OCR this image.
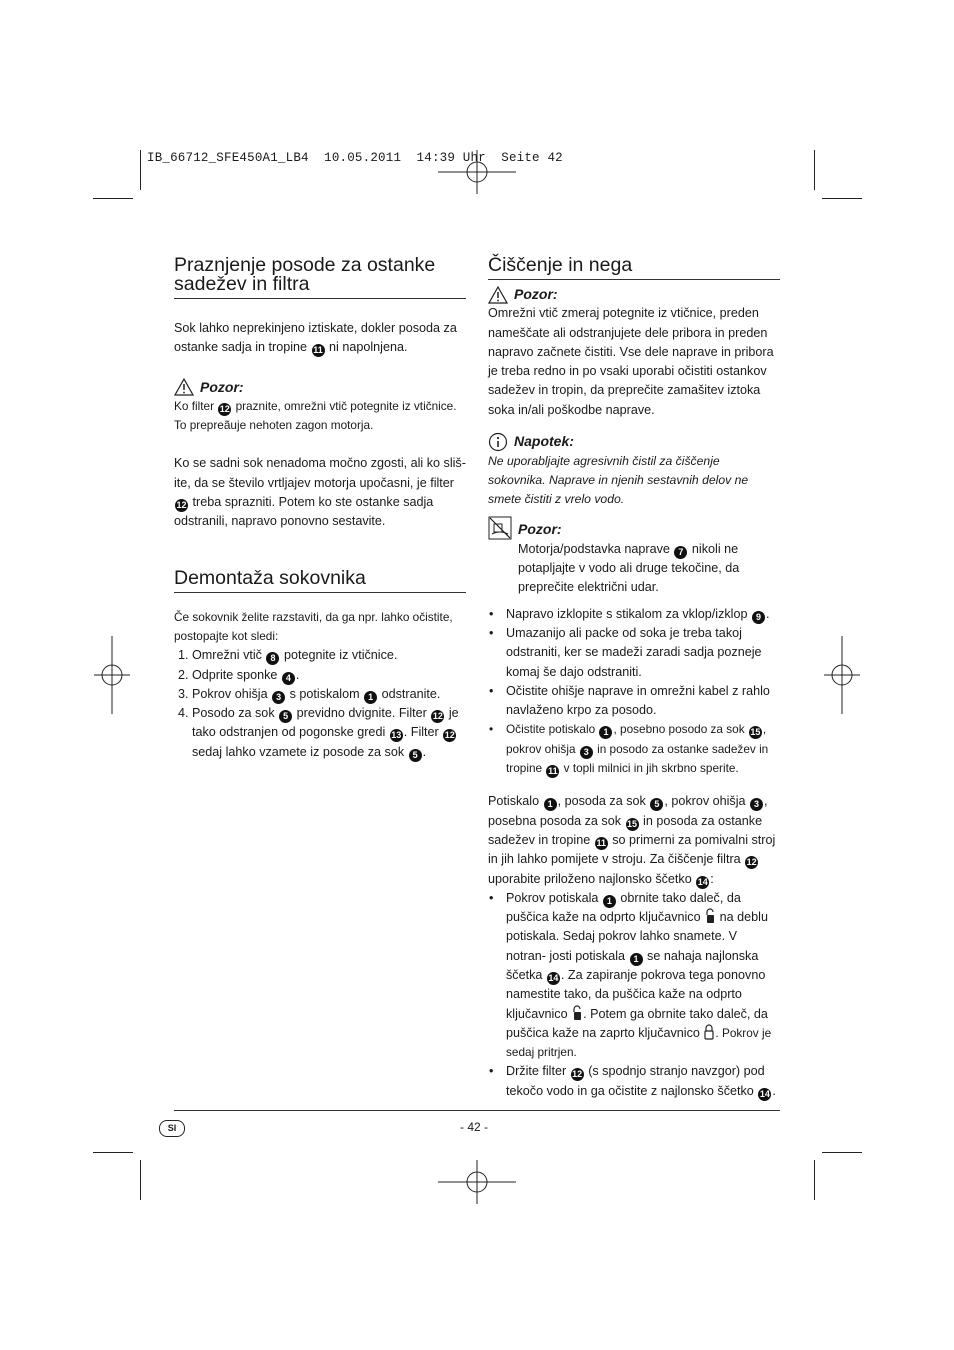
IB_66712_SFE450A1_LB4  10.05.2011  14:39 Uhr  Seite 42
Praznjenje posode za ostanke sadežev in filtra

Sok lahko neprekinjeno iztiskate, dokler posoda za ostanke sadja in tropine 11 ni napolnjena.

Pozor:

Ko filter 12 praznite, omrežni vtič potegnite iz vtičnice. To prepreãuje nehoten zagon motorja.

Ko se sadni sok nenadoma močno zgosti, ali ko sliš- ite, da se število vrtljajev motorja upočasni, je filter 12 treba sprazniti. Potem ko ste ostanke sadja odstranili, napravo ponovno sestavite.

Demontaža sokovnika

Če sokovnik želite razstaviti, da ga npr. lahko očistite, postopajte kot sledi:

1. Omrežni vtič 8 potegnite iz vtičnice.
2. Odprite sponke 4 .
3. Pokrov ohišja 3 s potiskalom 1 odstranite.
4. Posodo za sok 5 previdno dvignite. Filter 12 je tako odstranjen od pogonske gredi 13 . Filter 12 sedaj lahko vzamete iz posode za sok 5 .
Čiščenje in nega
Pozor:

Omrežni vtič zmeraj potegnite iz vtičnice, preden nameščate ali odstranjujete dele pribora in preden napravo začnete čistiti. Vse dele naprave in pribora je treba redno in po vsaki uporabi očistiti ostankov sadežev in tropin, da preprečite zamašitev iztoka soka in/ali poškodbe naprave.

Napotek:

Ne uporabljajte agresivnih čistil za čiščenje sokovnika. Naprave in njenih sestavnih delov ne smete čistiti z vrelo vodo.

Pozor:

Motorja/podstavka naprave 7 nikoli ne potapljajte v vodo ali druge tekočine, da preprečite električni udar.

• Napravo izklopite s stikalom za vklop/izklop 9 .
• Umazanijo ali packe od soka je treba takoj odstraniti, ker se madeži zaradi sadja pozneje komaj še dajo odstraniti.
• Očistite ohišje naprave in omrežni kabel z rahlo navlaženo krpo za posodo.
• Očistite potiskalo 1 , posebno posodo za sok 15 , pokrov ohišja 3 in posodo za ostanke sadežev in tropine 11 v topli milnici in jih skrbno sperite.

Potiskalo 1 , posoda za sok 5 , pokrov ohišja 3 , posebna posoda za sok 15 in posoda za ostanke sadežev in tropine 11 so primerni za pomivalni stroj in jih lahko pomijete v stroju. Za čiščenje filtra 12 uporabite priloženo najlonsko ščetko 14 :

• Pokrov potiskala 1 obrnite tako daleč, da puščica kaže na odprto ključavnico na deblu potiskala. Sedaj pokrov lahko snamete. V notran- josti potiskala 1 se nahaja najlonska ščetka 14 . Za zapiranje pokrova tega ponovno namestite tako, da puščica kaže na odprto ključavnico . Potem ga obrnite tako daleč, da puščica kaže na zaprto ključavnico . Pokrov je sedaj pritrjen.
• Držite filter 12 (s spodnjo stranjo navzgor) pod tekočo vodo in ga očistite z najlonsko ščetko 14 .
SI	- 42 -
